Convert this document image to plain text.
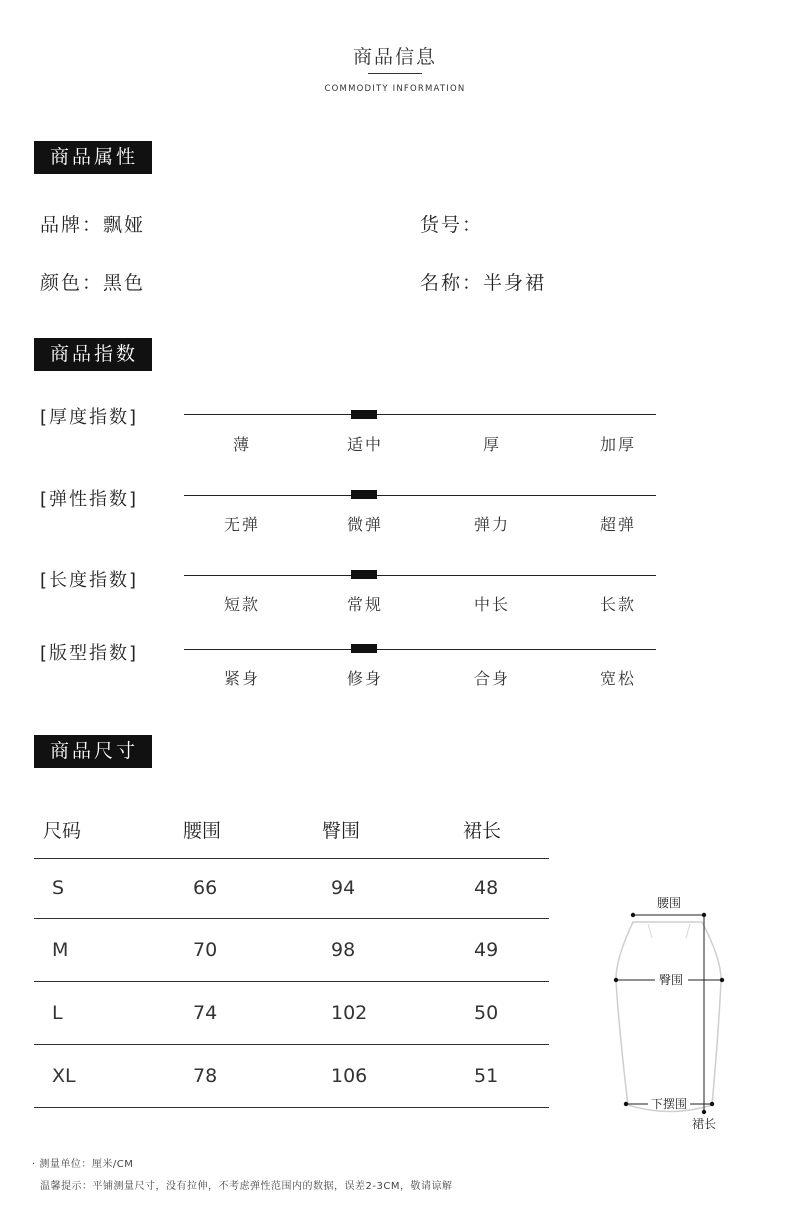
商品信息
COMMODITY INFORMATION
商品属性
品牌：飘娅	货号：
颜色：黑色	名称：半身裙
商品指数
[厚度指数]
薄	适中	厚	加厚
[弹性指数]
无弹	微弹	弹力	超弹
[长度指数]
短款	常规	中长	长款
[版型指数]
紧身	修身	合身	宽松
商品尺寸
尺码	腰围	臀围	裙长
S	66	94	48
M	70	98	49
L	74	102	50
XL	78	106	51
腰围
臀围
下摆围
裙长
· 测量单位：厘米/CM
温馨提示：平铺测量尺寸，没有拉伸，不考虑弹性范围内的数据，误差2-3CM，敬请谅解
